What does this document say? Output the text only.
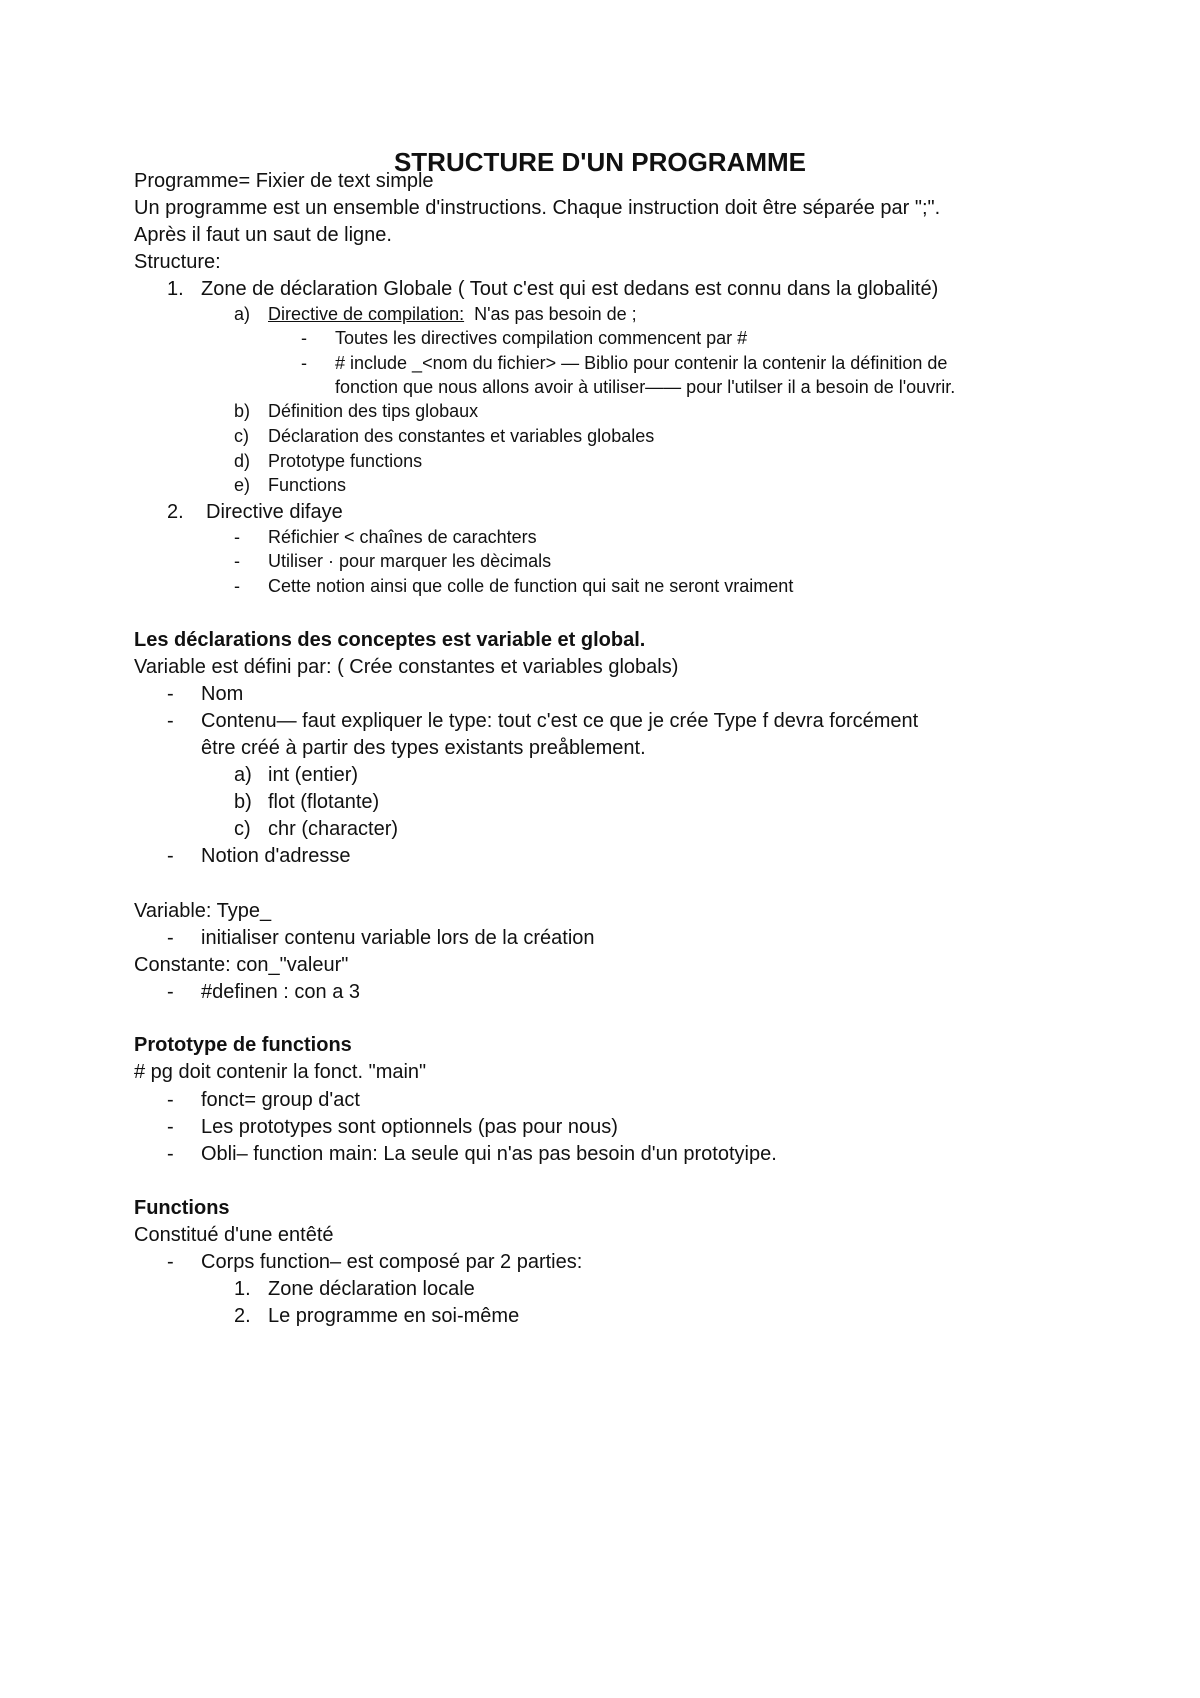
STRUCTURE D'UN PROGRAMME
Programme= Fixier de text simple
Un programme est un ensemble d'instructions. Chaque instruction doit être séparée par ";".
Après il faut un saut de ligne.
Structure:
1. Zone de déclaration Globale ( Tout c'est qui est dedans est connu dans la globalité)
a) Directive de compilation: N'as pas besoin de ;
- Toutes les directives compilation commencent par #
- # include _<nom du fichier> — Biblio pour contenir la contenir la définition de
fonction que nous allons avoir à utiliser—— pour l'utilser il a besoin de l'ouvrir.
b) Définition des tips globaux
c) Déclaration des constantes et variables globales
d) Prototype functions
e) Functions
2. Directive difaye
- Réfichier < chaînes de carachters
- Utiliser · pour marquer les dècimals
- Cette notion ainsi que colle de function qui sait ne seront vraiment
Les déclarations des conceptes est variable et global.
Variable est défini par: ( Crée constantes et variables globals)
- Nom
- Contenu— faut expliquer le type: tout c'est ce que je crée Type f devra forcément
être créé à partir des types existants preåblement.
a) int (entier)
b) flot (flotante)
c) chr (character)
- Notion d'adresse
Variable: Type_
- initialiser contenu variable lors de la création
Constante: con_"valeur"
- #definen : con a 3
Prototype de functions
# pg doit contenir la fonct. "main"
- fonct= group d'act
- Les prototypes sont optionnels (pas pour nous)
- Obli– function main: La seule qui n'as pas besoin d'un prototyipe.
Functions
Constitué d'une entêté
- Corps function– est composé par 2 parties:
1. Zone déclaration locale
2. Le programme en soi-même
